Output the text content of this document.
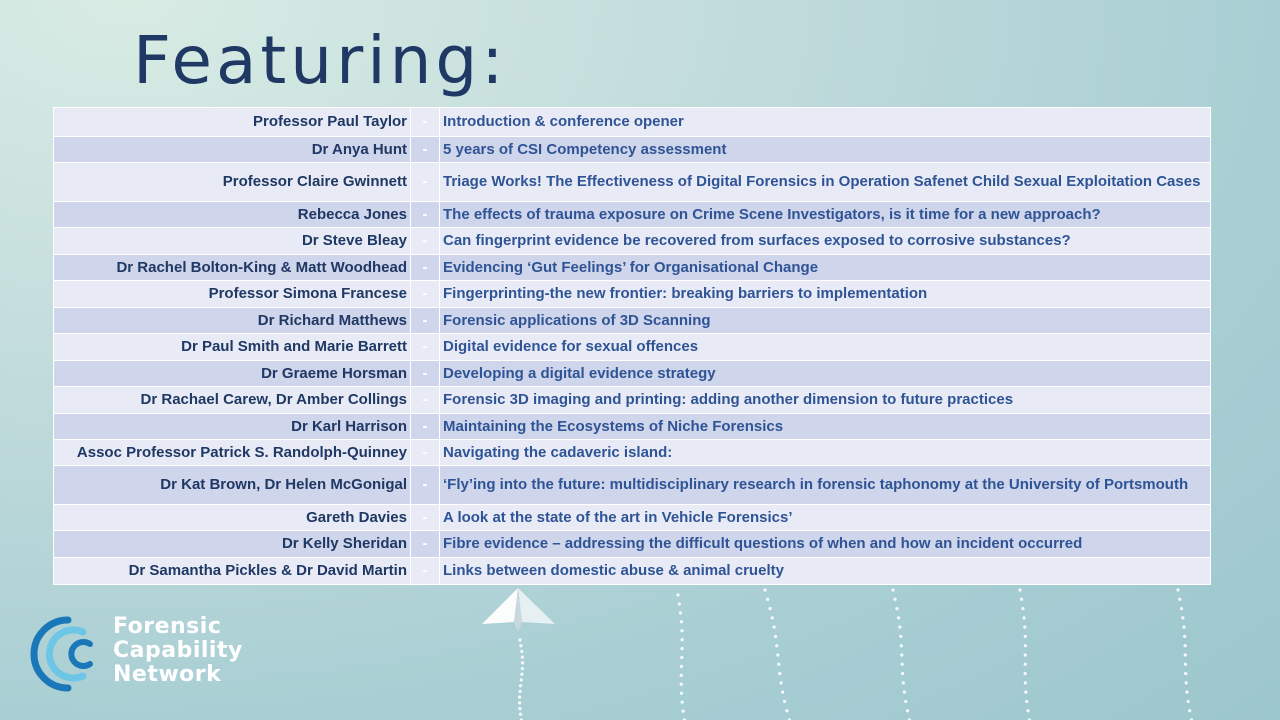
Featuring:
Professor Paul Taylor	-	Introduction & conference opener
Dr Anya Hunt	-	5 years of CSI Competency assessment
Professor Claire Gwinnett	-	Triage Works! The Effectiveness of Digital Forensics in Operation Safenet Child Sexual Exploitation Cases
Rebecca Jones	-	The effects of trauma exposure on Crime Scene Investigators, is it time for a new approach?
Dr Steve Bleay	-	Can fingerprint evidence be recovered from surfaces exposed to corrosive substances?
Dr Rachel Bolton-King & Matt Woodhead	-	Evidencing ‘Gut Feelings’ for Organisational Change
Professor Simona Francese	-	Fingerprinting-the new frontier: breaking barriers to implementation
Dr Richard Matthews	-	Forensic applications of 3D Scanning
Dr Paul Smith and Marie Barrett	-	Digital evidence for sexual offences
Dr Graeme Horsman	-	Developing a digital evidence strategy
Dr Rachael Carew, Dr Amber Collings	-	Forensic 3D imaging and printing: adding another dimension to future practices
Dr Karl Harrison	-	Maintaining the Ecosystems of Niche Forensics
Assoc Professor Patrick S. Randolph-Quinney	-	Navigating the cadaveric island:
Dr Kat Brown, Dr Helen McGonigal	-	‘Fly’ing into the future: multidisciplinary research in forensic taphonomy at the University of Portsmouth
Gareth Davies	-	A look at the state of the art in Vehicle Forensics’
Dr Kelly Sheridan	-	Fibre evidence – addressing the difficult questions of when and how an incident occurred
Dr Samantha Pickles & Dr David Martin	-	Links between domestic abuse & animal cruelty
Forensic
Capability
Network
